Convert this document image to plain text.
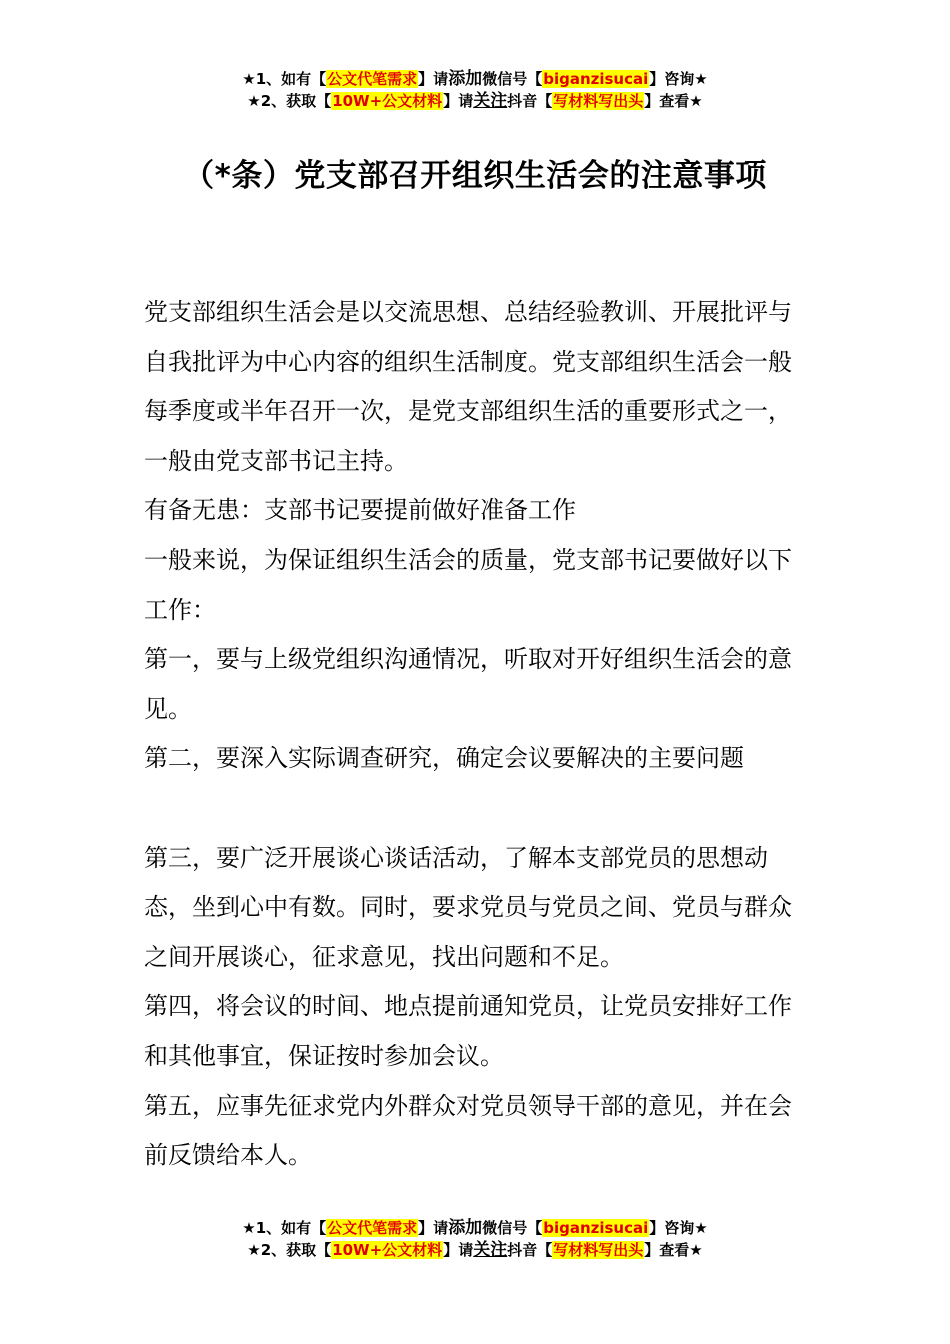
★1、如有【公文代笔需求】请添加微信号【biganzisucai】咨询★
★2、获取【10W+公文材料】请关注抖音【写材料写出头】查看★
（*条）党支部召开组织生活会的注意事项

党支部组织生活会是以交流思想、总结经验教训、开展批评与自我批评为中心内容的组织生活制度。党支部组织生活会一般每季度或半年召开一次，是党支部组织生活的重要形式之一，一般由党支部书记主持。

有备无患：支部书记要提前做好准备工作

一般来说，为保证组织生活会的质量，党支部书记要做好以下工作：

第一，要与上级党组织沟通情况，听取对开好组织生活会的意见。

第二，要深入实际调查研究，确定会议要解决的主要问题

第三，要广泛开展谈心谈话活动，了解本支部党员的思想动态，坐到心中有数。同时，要求党员与党员之间、党员与群众之间开展谈心，征求意见，找出问题和不足。

第四，将会议的时间、地点提前通知党员，让党员安排好工作和其他事宜，保证按时参加会议。

第五，应事先征求党内外群众对党员领导干部的意见，并在会前反馈给本人。

★1、如有【公文代笔需求】请添加微信号【biganzisucai】咨询★
★2、获取【10W+公文材料】请关注抖音【写材料写出头】查看★
